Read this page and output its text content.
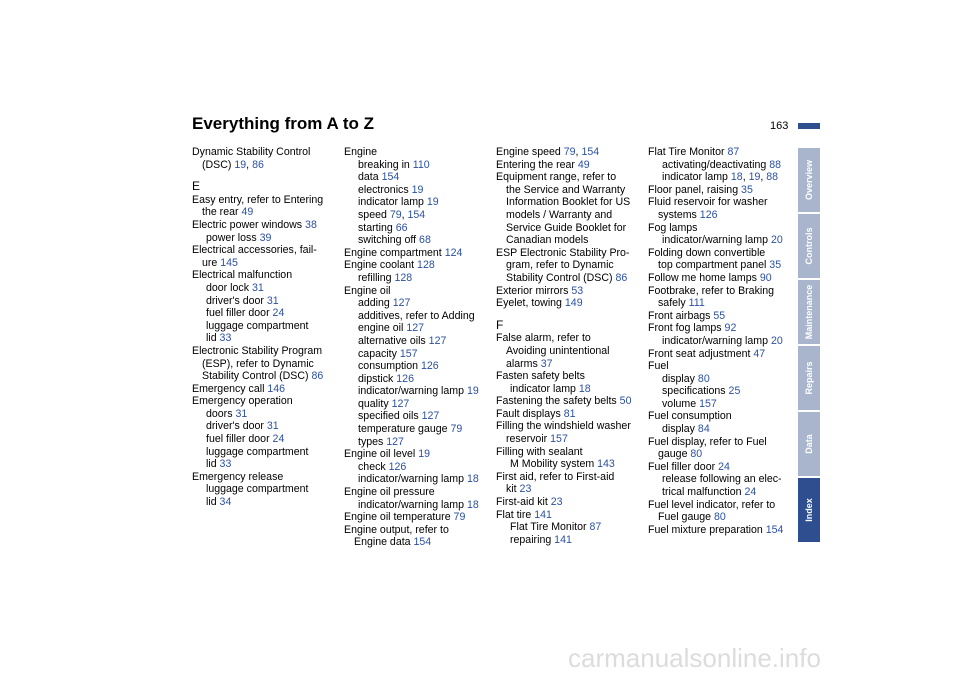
Everything from A to Z	163
Dynamic Stability Control
(DSC) 19, 86
E
Easy entry, refer to Entering
the rear 49
Electric power windows 38
power loss 39
Electrical accessories, fail-
ure 145
Electrical malfunction
door lock 31
driver's door 31
fuel filler door 24
luggage compartment
lid 33
Electronic Stability Program
(ESP), refer to Dynamic
Stability Control (DSC) 86
Emergency call 146
Emergency operation
doors 31
driver's door 31
fuel filler door 24
luggage compartment
lid 33
Emergency release
luggage compartment
lid 34
Engine
breaking in 110
data 154
electronics 19
indicator lamp 19
speed 79, 154
starting 66
switching off 68
Engine compartment 124
Engine coolant 128
refilling 128
Engine oil
adding 127
additives, refer to Adding
engine oil 127
alternative oils 127
capacity 157
consumption 126
dipstick 126
indicator/warning lamp 19
quality 127
specified oils 127
temperature gauge 79
types 127
Engine oil level 19
check 126
indicator/warning lamp 18
Engine oil pressure
indicator/warning lamp 18
Engine oil temperature 79
Engine output, refer to
Engine data 154
Engine speed 79, 154
Entering the rear 49
Equipment range, refer to
the Service and Warranty
Information Booklet for US
models / Warranty and
Service Guide Booklet for
Canadian models
ESP Electronic Stability Pro-
gram, refer to Dynamic
Stability Control (DSC) 86
Exterior mirrors 53
Eyelet, towing 149
F
False alarm, refer to
Avoiding unintentional
alarms 37
Fasten safety belts
indicator lamp 18
Fastening the safety belts 50
Fault displays 81
Filling the windshield washer
reservoir 157
Filling with sealant
M Mobility system 143
First aid, refer to First-aid
kit 23
First-aid kit 23
Flat tire 141
Flat Tire Monitor 87
repairing 141
Flat Tire Monitor 87
activating/deactivating 88
indicator lamp 18, 19, 88
Floor panel, raising 35
Fluid reservoir for washer
systems 126
Fog lamps
indicator/warning lamp 20
Folding down convertible
top compartment panel 35
Follow me home lamps 90
Footbrake, refer to Braking
safely 111
Front airbags 55
Front fog lamps 92
indicator/warning lamp 20
Front seat adjustment 47
Fuel
display 80
specifications 25
volume 157
Fuel consumption
display 84
Fuel display, refer to Fuel
gauge 80
Fuel filler door 24
release following an elec-
trical malfunction 24
Fuel level indicator, refer to
Fuel gauge 80
Fuel mixture preparation 154
Overview
Controls
Maintenance
Repairs
Data
Index
carmanualsonline.info
